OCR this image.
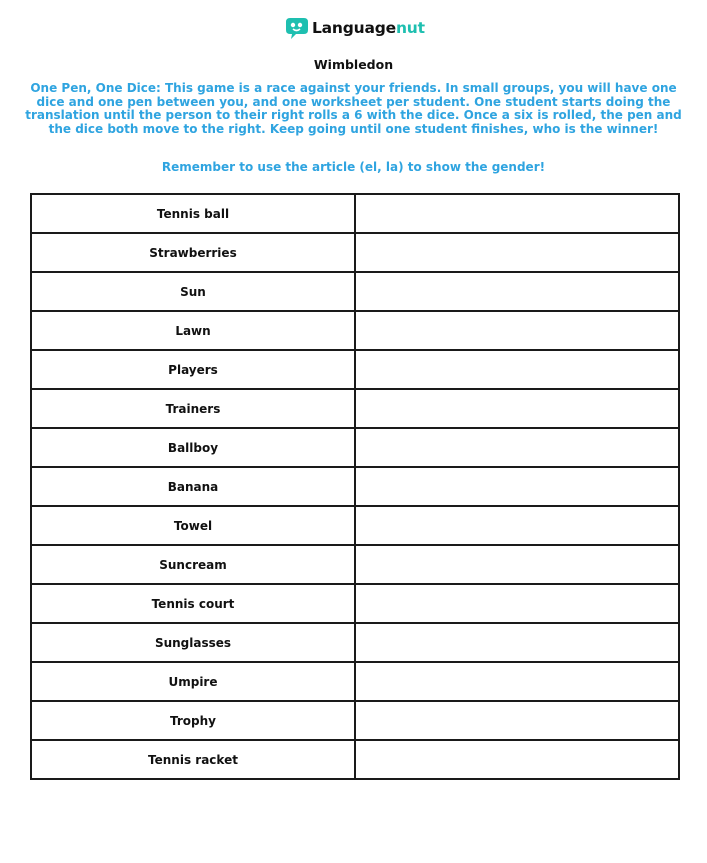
Languagenut
Wimbledon
One Pen, One Dice: This game is a race against your friends. In small groups, you will have one dice and one pen between you, and one worksheet per student. One student starts doing the translation until the person to their right rolls a 6 with the dice. Once a six is rolled, the pen and the dice both move to the right. Keep going until one student finishes, who is the winner!
Remember to use the article (el, la) to show the gender!
Tennis ball	
Strawberries	
Sun	
Lawn	
Players	
Trainers	
Ballboy	
Banana	
Towel	
Suncream	
Tennis court	
Sunglasses	
Umpire	
Trophy	
Tennis racket	
